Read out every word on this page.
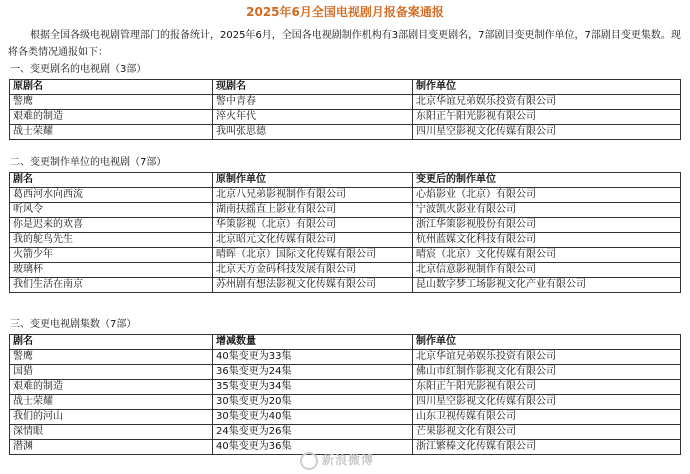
2025年6月全国电视剧月报备案通报
根据全国各级电视剧管理部门的报备统计，2025年6月，全国各电视剧制作机构有3部剧目变更剧名，7部剧目变更制作单位，7部剧目变更集数。现将各类情况通报如下：
一、变更剧名的电视剧（3部）
原剧名	现剧名	制作单位
警鹰	警中青春	北京华谊兄弟娱乐投资有限公司
艰难的制造	淬火年代	东阳正午阳光影视有限公司
战士荣耀	我叫张思德	四川星空影视文化传媒有限公司
二、变更制作单位的电视剧（7部）
剧名	原制作单位	变更后的制作单位
葛西河水向西流	北京八兄弟影视制作有限公司	心焰影业（北京）有限公司
听风令	湖南扶摇直上影业有限公司	宁波凯火影业有限公司
你是迟来的欢喜	华策影视（北京）有限公司	浙江华策影视股份有限公司
我的鸵鸟先生	北京昭元文化传媒有限公司	杭州蓝媒文化科技有限公司
火箭少年	晴晖（北京）国际文化传媒有限公司	晴宸（北京）文化传媒有限公司
玻璃杯	北京天方金码科技发展有限公司	北京信意影视制作有限公司
我们生活在南京	苏州剧有想法影视文化传媒有限公司	昆山数字梦工场影视文化产业有限公司
三、变更电视剧集数（7部）
剧名	增减数量	制作单位
警鹰	40集变更为33集	北京华谊兄弟娱乐投资有限公司
国猎	36集变更为24集	佛山市红制作影视文化有限公司
艰难的制造	35集变更为34集	东阳正午阳光影视有限公司
战士荣耀	30集变更为20集	四川星空影视文化传媒有限公司
我们的河山	30集变更为40集	山东卫视传媒有限公司
深情眼	24集变更为26集	芒果影视文化有限公司
潜渊	40集变更为36集	浙江繁榛文化传媒有限公司
新浪微博
